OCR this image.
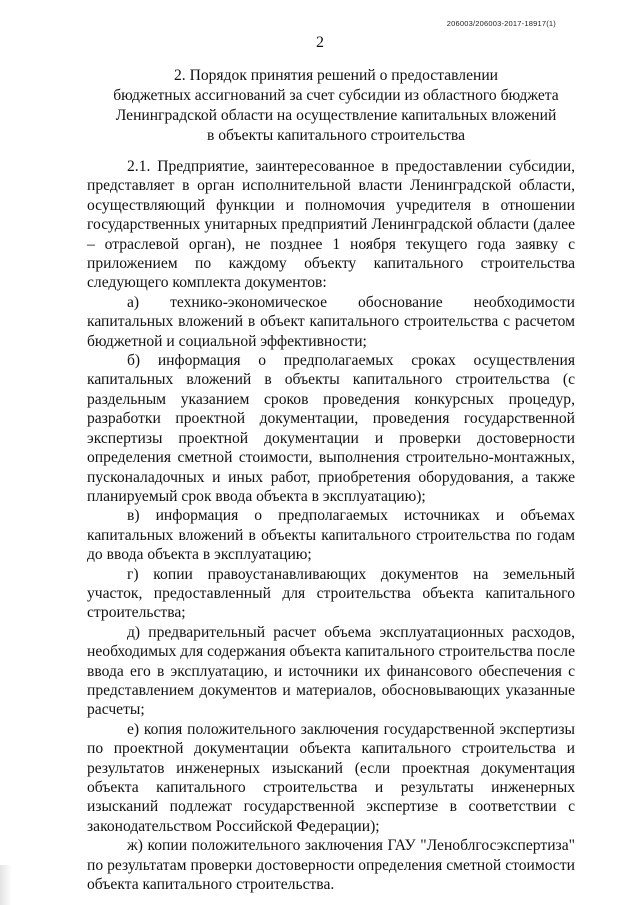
206003/206003-2017-18917(1)
2
2. Порядок принятия решений о предоставлении
бюджетных ассигнований за счет субсидии из областного бюджета
Ленинградской области на осуществление капитальных вложений
в объекты капитального строительства

2.1. Предприятие, заинтересованное в предоставлении субсидии, представляет в орган исполнительной власти Ленинградской области, осуществляющий функции и полномочия учредителя в отношении государственных унитарных предприятий Ленинградской области (далее – отраслевой орган), не позднее 1 ноября текущего года заявку с приложением по каждому объекту капитального строительства следующего комплекта документов:

а) технико-экономическое обоснование необходимости капитальных вложений в объект капитального строительства с расчетом бюджетной и социальной эффективности;

б) информация о предполагаемых сроках осуществления капитальных вложений в объекты капитального строительства (с раздельным указанием сроков проведения конкурсных процедур, разработки проектной документации, проведения государственной экспертизы проектной документации и проверки достоверности определения сметной стоимости, выполнения строительно-монтажных, пусконаладочных и иных работ, приобретения оборудования, а также планируемый срок ввода объекта в эксплуатацию);

в) информация о предполагаемых источниках и объемах капитальных вложений в объекты капитального строительства по годам до ввода объекта в эксплуатацию;

г) копии правоустанавливающих документов на земельный участок, предоставленный для строительства объекта капитального строительства;

д) предварительный расчет объема эксплуатационных расходов, необходимых для содержания объекта капитального строительства после ввода его в эксплуатацию, и источники их финансового обеспечения с представлением документов и материалов, обосновывающих указанные расчеты;

е) копия положительного заключения государственной экспертизы по проектной документации объекта капитального строительства и результатов инженерных изысканий (если проектная документация объекта капитального строительства и результаты инженерных изысканий подлежат государственной экспертизе в соответствии с законодательством Российской Федерации);

ж) копии положительного заключения ГАУ "Леноблгосэкспертиза" по результатам проверки достоверности определения сметной стоимости объекта капитального строительства.
